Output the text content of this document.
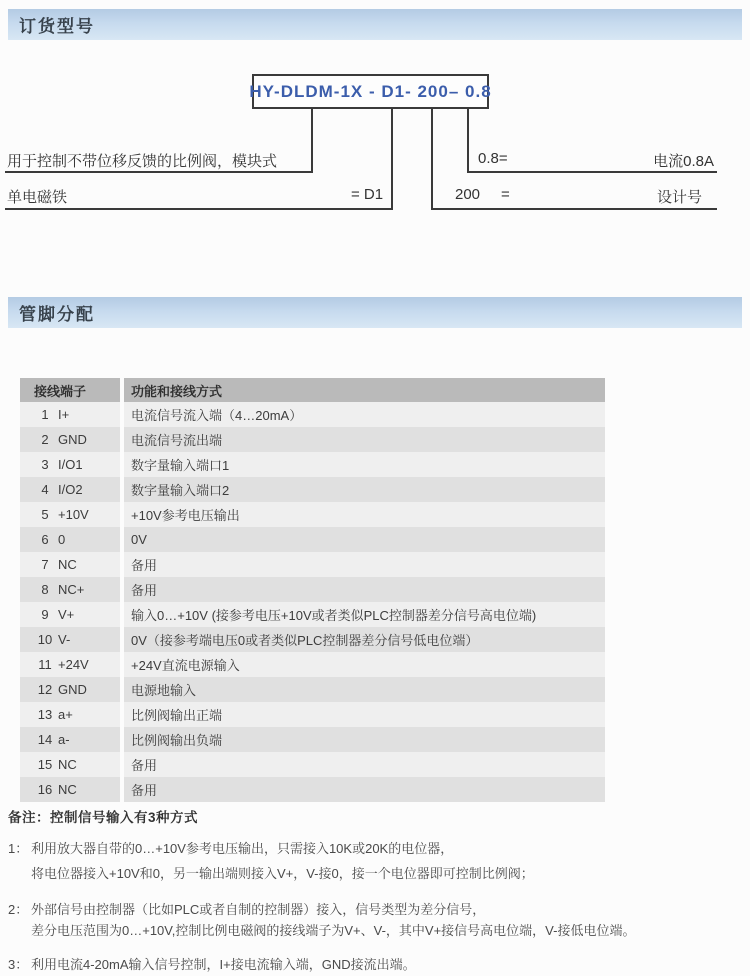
订货型号
HY-DLDM-1X - D1- 200– 0.8
用于控制不带位移反馈的比例阀，模块式	0.8=	电流0.8A
单电磁铁	= D1	200 =	设计号
管脚分配
接线端子	功能和接线方式
1 I+	电流信号流入端（4…20mA）
2 GND	电流信号流出端
3 I/O1	数字量输入端口1
4 I/O2	数字量输入端口2
5 +10V	+10V参考电压输出
6 0	0V
7 NC	备用
8 NC+	备用
9 V+	输入0…+10V (接参考电压+10V或者类似PLC控制器差分信号高电位端)
10 V-	0V（接参考端电压0或者类似PLC控制器差分信号低电位端）
11 +24V	+24V直流电源输入
12 GND	电源地输入
13 a+	比例阀输出正端
14 a-	比例阀输出负端
15 NC	备用
16 NC	备用
备注：控制信号输入有3种方式
1： 利用放大器自带的0…+10V参考电压输出，只需接入10K或20K的电位器，
将电位器接入+10V和0，另一输出端则接入V+，V-接0，接一个电位器即可控制比例阀；
2： 外部信号由控制器（比如PLC或者自制的控制器）接入，信号类型为差分信号，
差分电压范围为0…+10V,控制比例电磁阀的接线端子为V+、V-，其中V+接信号高电位端，V-接低电位端。
3： 利用电流4-20mA输入信号控制，I+接电流输入端，GND接流出端。
